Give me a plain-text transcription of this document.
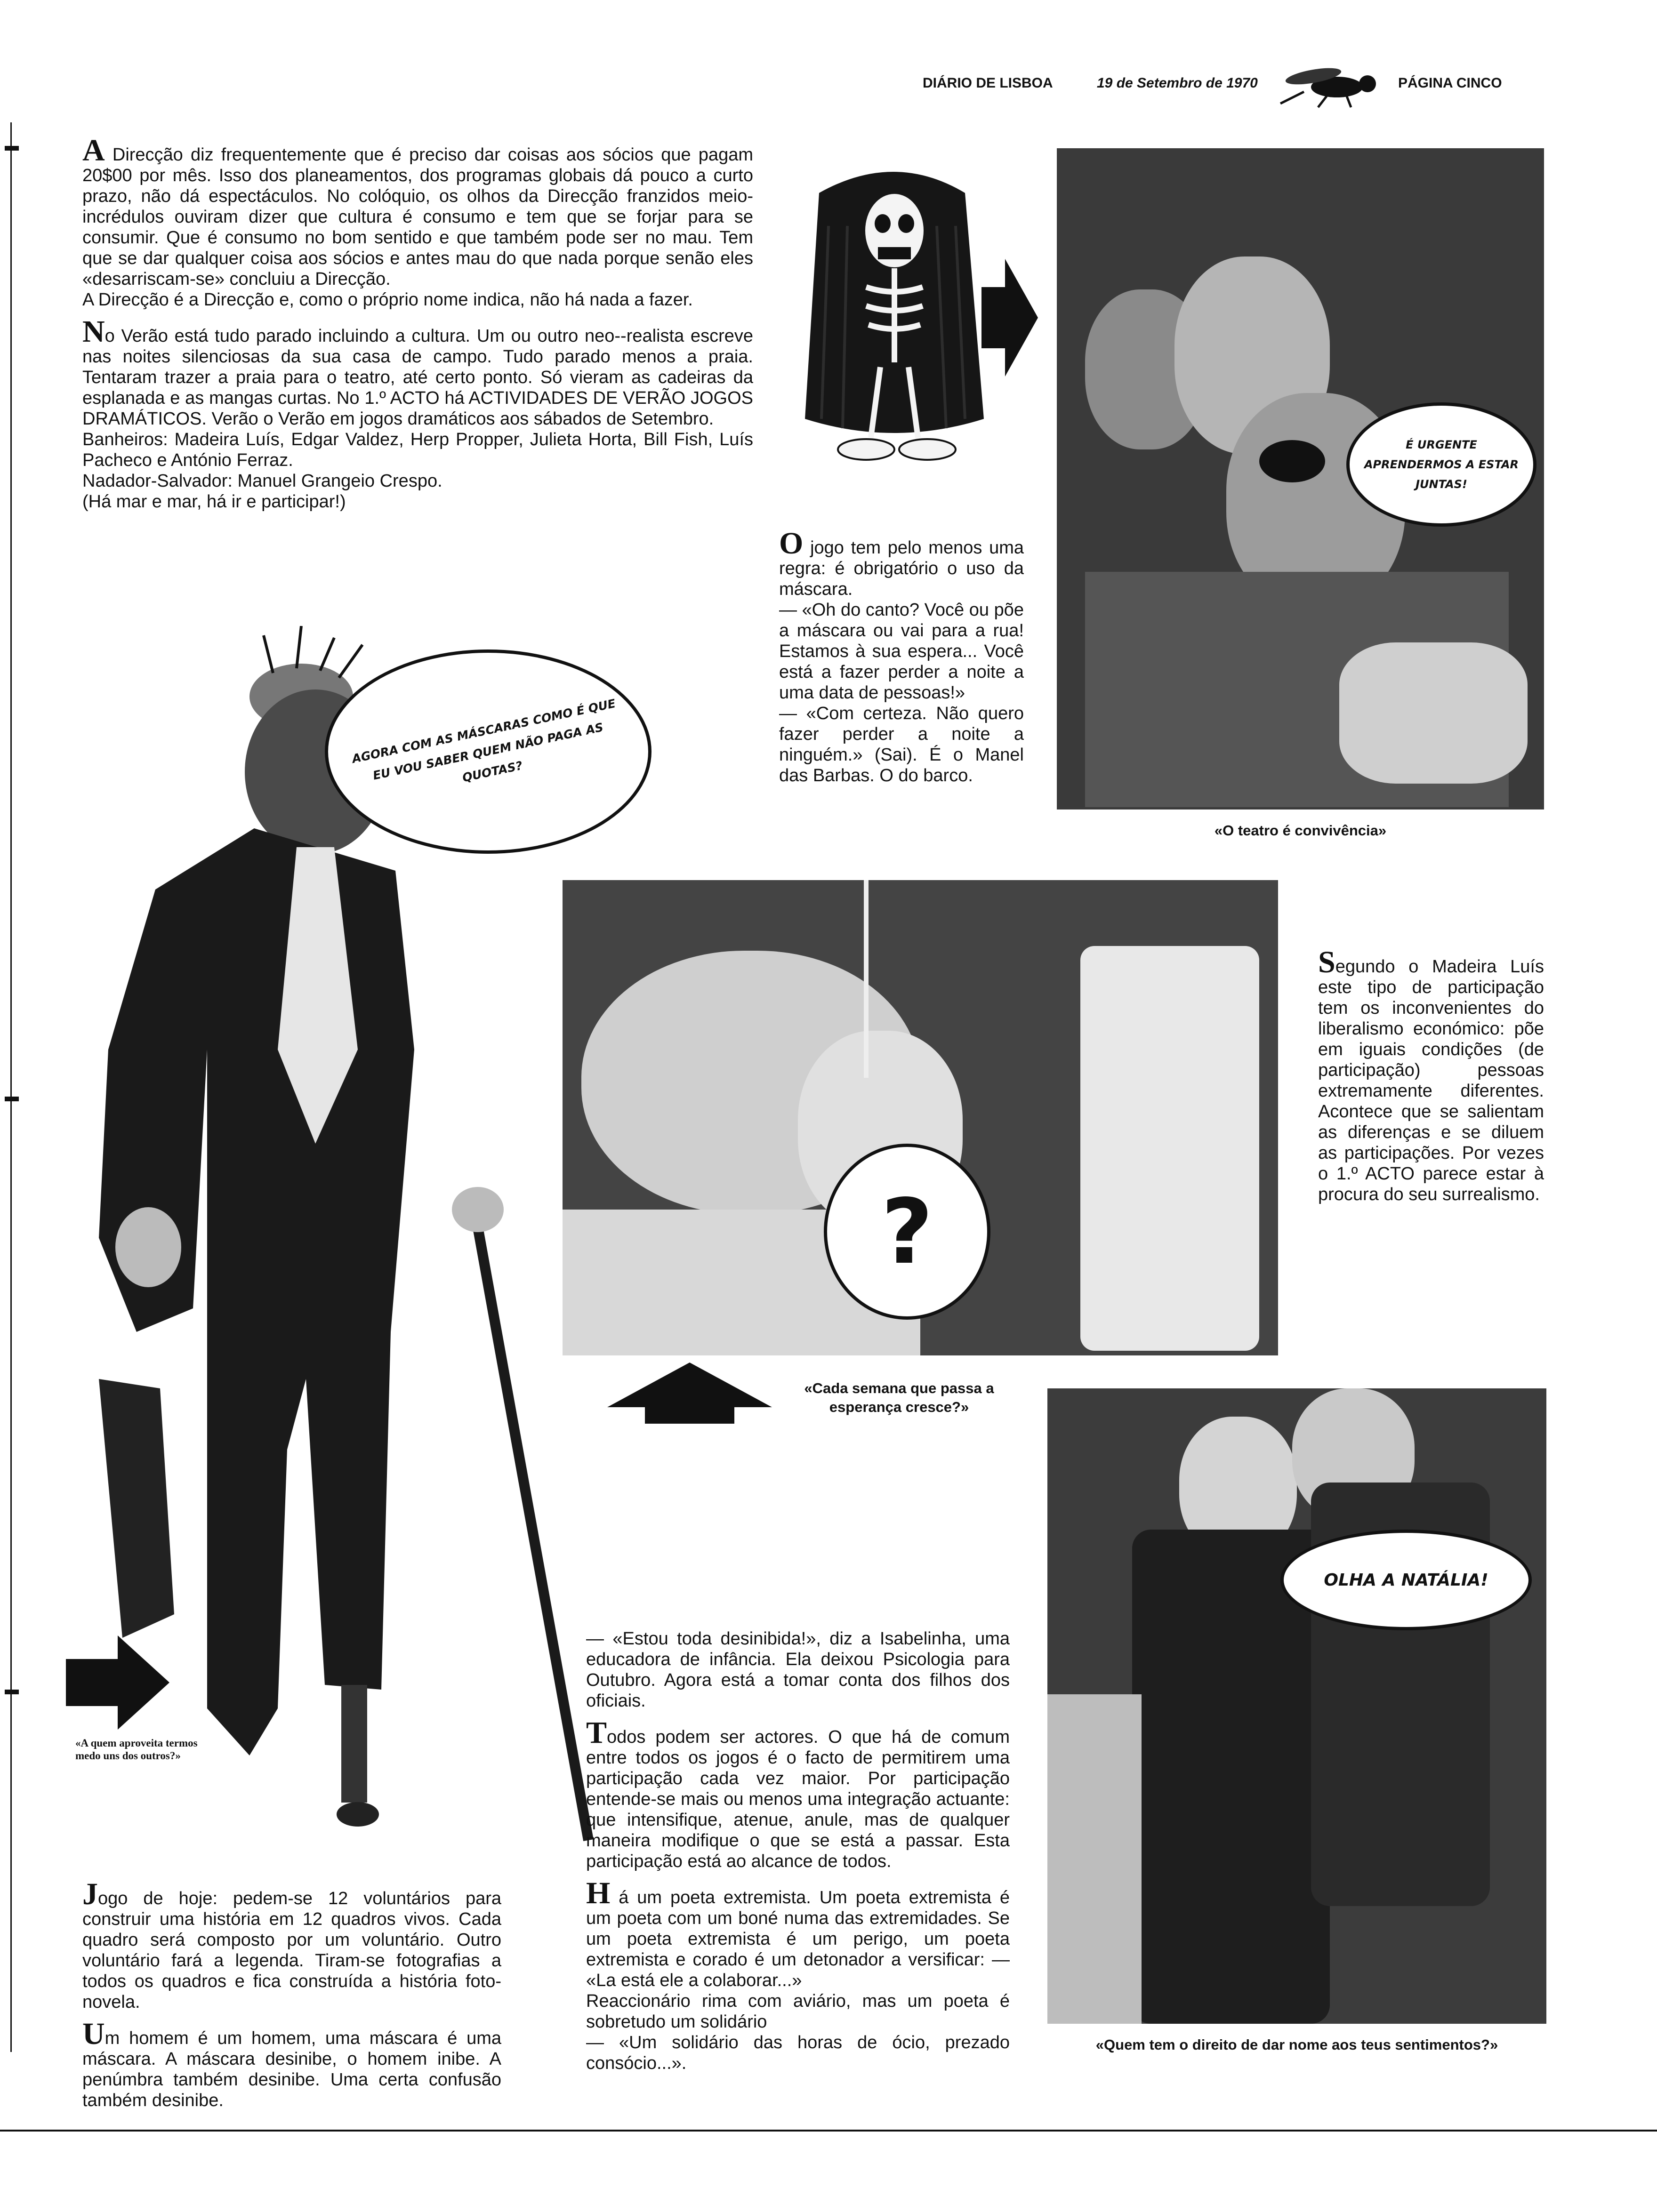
DIÁRIO DE LISBOA	19 de Setembro de 1970	PÁGINA CINCO

A Direcção diz frequentemente que é preciso dar coisas aos sócios que pagam 20$00 por mês. Isso dos planeamentos, dos programas globais dá pouco a curto prazo, não dá espectáculos. No colóquio, os olhos da Direcção franzidos meio-incrédulos ouviram dizer que cultura é consumo e tem que se forjar para se consumir. Que é consumo no bom sentido e que também pode ser no mau. Tem que se dar qualquer coisa aos sócios e antes mau do que nada porque senão eles «desarriscam-se» concluiu a Direcção.
A Direcção é a Direcção e, como o próprio nome indica, não há nada a fazer.

No Verão está tudo parado incluindo a cultura. Um ou outro neo--realista escreve nas noites silenciosas da sua casa de campo. Tudo parado menos a praia. Tentaram trazer a praia para o teatro, até certo ponto. Só vieram as cadeiras da esplanada e as mangas curtas. No 1.º ACTO há ACTIVIDADES DE VERÃO JOGOS DRAMÁTICOS. Verão o Verão em jogos dramáticos aos sábados de Setembro.
Banheiros: Madeira Luís, Edgar Valdez, Herp Propper, Julieta Horta, Bill Fish, Luís Pacheco e António Ferraz.
Nadador-Salvador: Manuel Grangeio Crespo.
(Há mar e mar, há ir e participar!)

É URGENTE APRENDERMOS A ESTAR JUNTAS!
«O teatro é convivência»

O jogo tem pelo menos uma regra: é obrigatório o uso da máscara.
— «Oh do canto? Você ou põe a máscara ou vai para a rua! Estamos à sua espera... Você está a fazer perder a noite a uma data de pessoas!»
— «Com certeza. Não quero fazer perder a noite a ninguém.» (Sai). É o Manel das Barbas. O do barco.

AGORA COM AS MÁSCARAS COMO É QUE EU VOU SABER QUEM NÃO PAGA AS QUOTAS?
?
«Cada semana que passa a esperança cresce?»

Segundo o Madeira Luís este tipo de participação tem os inconvenientes do liberalismo económico: põe em iguais condições (de participação) pessoas extremamente diferentes. Acontece que se salientam as diferenças e se diluem as participações. Por vezes o 1.º ACTO parece estar à procura do seu surrealismo.

OLHA A NATÁLIA!
«Quem tem o direito de dar nome aos teus sentimentos?»
«A quem aproveita termos medo uns dos outros?»

Jogo de hoje: pedem-se 12 voluntários para construir uma história em 12 quadros vivos. Cada quadro será composto por um voluntário. Outro voluntário fará a legenda. Tiram-se fotografias a todos os quadros e fica construída a história foto-novela.

Um homem é um homem, uma máscara é uma máscara. A máscara desinibe, o homem inibe. A penúmbra também desinibe. Uma certa confusão também desinibe.

— «Estou toda desinibida!», diz a Isabelinha, uma educadora de infância. Ela deixou Psicologia para Outubro. Agora está a tomar conta dos filhos dos oficiais.

Todos podem ser actores. O que há de comum entre todos os jogos é o facto de permitirem uma participação cada vez maior. Por participação entende-se mais ou menos uma integração actuante: que intensifique, atenue, anule, mas de qualquer maneira modifique o que se está a passar. Esta participação está ao alcance de todos.

H á um poeta extremista. Um poeta extremista é um poeta com um boné numa das extremidades. Se um poeta extremista é um perigo, um poeta extremista e corado é um detonador a versificar: — «La está ele a colaborar...»
Reaccionário rima com aviário, mas um poeta é sobretudo um solidário
— «Um solidário das horas de ócio, prezado consócio...».
